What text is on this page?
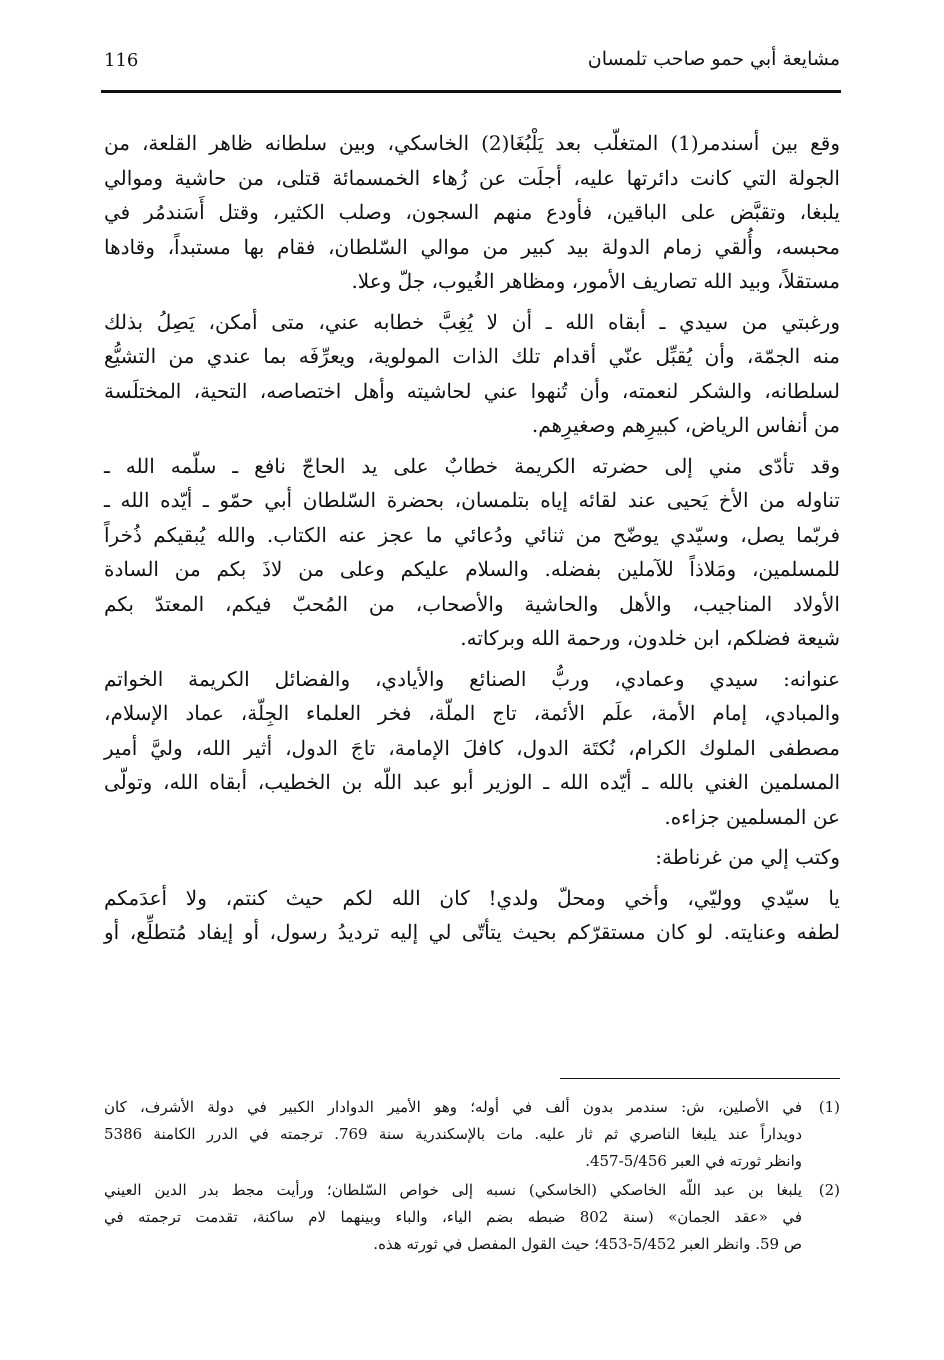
مشايعة أبي حمو صاحب تلمسان
116
وقع بين أسندمر(1) المتغلّب بعد يَلْبُغَا(2) الخاسكي، وبين سلطانه ظاهر القلعة، من
الجولة التي كانت دائرتها عليه، أجلَت عن زُهاء الخمسمائة قتلى، من حاشية وموالي
يلبغا، وتقبَّض على الباقين، فأودع منهم السجون، وصلب الكثير، وقتل أَسَندمُر في
محبسه، وأُلقي زمام الدولة بيد كبير من موالي السّلطان، فقام بها مستبداً، وقادها
مستقلاً، وبيد الله تصاريف الأمور، ومظاهر الغُيوب، جلّ وعلا.
ورغبتي من سيدي ـ أبقاه الله ـ أن لا يُغِبَّ خطابه عني، متى أمكن، يَصِلُ بذلك
منه الجمّة، وأن يُقبِّل عنّي أقدام تلك الذات المولوية، ويعرِّفَه بما عندي من التشيُّع
لسلطانه، والشكر لنعمته، وأن تُنهوا عني لحاشيته وأهل اختصاصه، التحية، المختلَسة
من أنفاس الرياض، كبيرِهم وصغيرِهم.
وقد تأدّى مني إلى حضرته الكريمة خطابٌ على يد الحاجّ نافع ـ سلّمه الله ـ
تناوله من الأخ يَحيى عند لقائه إياه بتلمسان، بحضرة السّلطان أبي حمّو ـ أيّده الله ـ
فربّما يصل، وسيّدي يوضّح من ثنائي ودُعائي ما عجز عنه الكتاب. والله يُبقيكم ذُخراً
للمسلمين، ومَلاذاً للآملين بفضله. والسلام عليكم وعلى من لاذَ بكم من السادة
الأولاد المناجيب، والأهل والحاشية والأصحاب، من المُحبّ فيكم، المعتدّ بكم
شيعة فضلكم، ابن خلدون، ورحمة الله وبركاته.
عنوانه: سيدي وعمادي، وربُّ الصنائع والأيادي، والفضائل الكريمة الخواتم
والمبادي، إمام الأمة، علَم الأئمة، تاج الملّة، فخر العلماء الجِلّة، عماد الإسلام،
مصطفى الملوك الكرام، نُكتَة الدول، كافلَ الإمامة، تاجَ الدول، أثير الله، وليَّ أمير
المسلمين الغني بالله ـ أيّده الله ـ الوزير أبو عبد اللّه بن الخطيب، أبقاه الله، وتولّى
عن المسلمين جزاءه.
وكتب إلي من غرناطة:
يا سيّدي ووليّي، وأخي ومحلّ ولدي! كان الله لكم حيث كنتم، ولا أعدَمكم
لطفه وعنايته. لو كان مستقرّكم بحيث يتأتّى لي إليه ترديدُ رسول، أو إيفاد مُتطلِّع، أو
(1)
في الأصلين، ش: سندمر بدون ألف في أوله؛ وهو الأمير الدوادار الكبير في دولة الأشرف، كان
دويداراً عند يلبغا الناصري ثم ثار عليه. مات بالإسكندرية سنة 769. ترجمته في الدرر الكامنة 5386
وانظر ثورته في العبر 5/456-457.
(2)
يلبغا بن عبد اللّه الخاصكي (الخاسكي) نسبه إلى خواص السّلطان؛ ورأيت مجط بدر الدين العيني
في «عقد الجمان» (سنة 802 ضبطه بضم الياء، والباء وبينهما لام ساكنة، تقدمت ترجمته في
ص 59. وانظر العبر 5/452-453؛ حيث القول المفصل في ثورته هذه.
